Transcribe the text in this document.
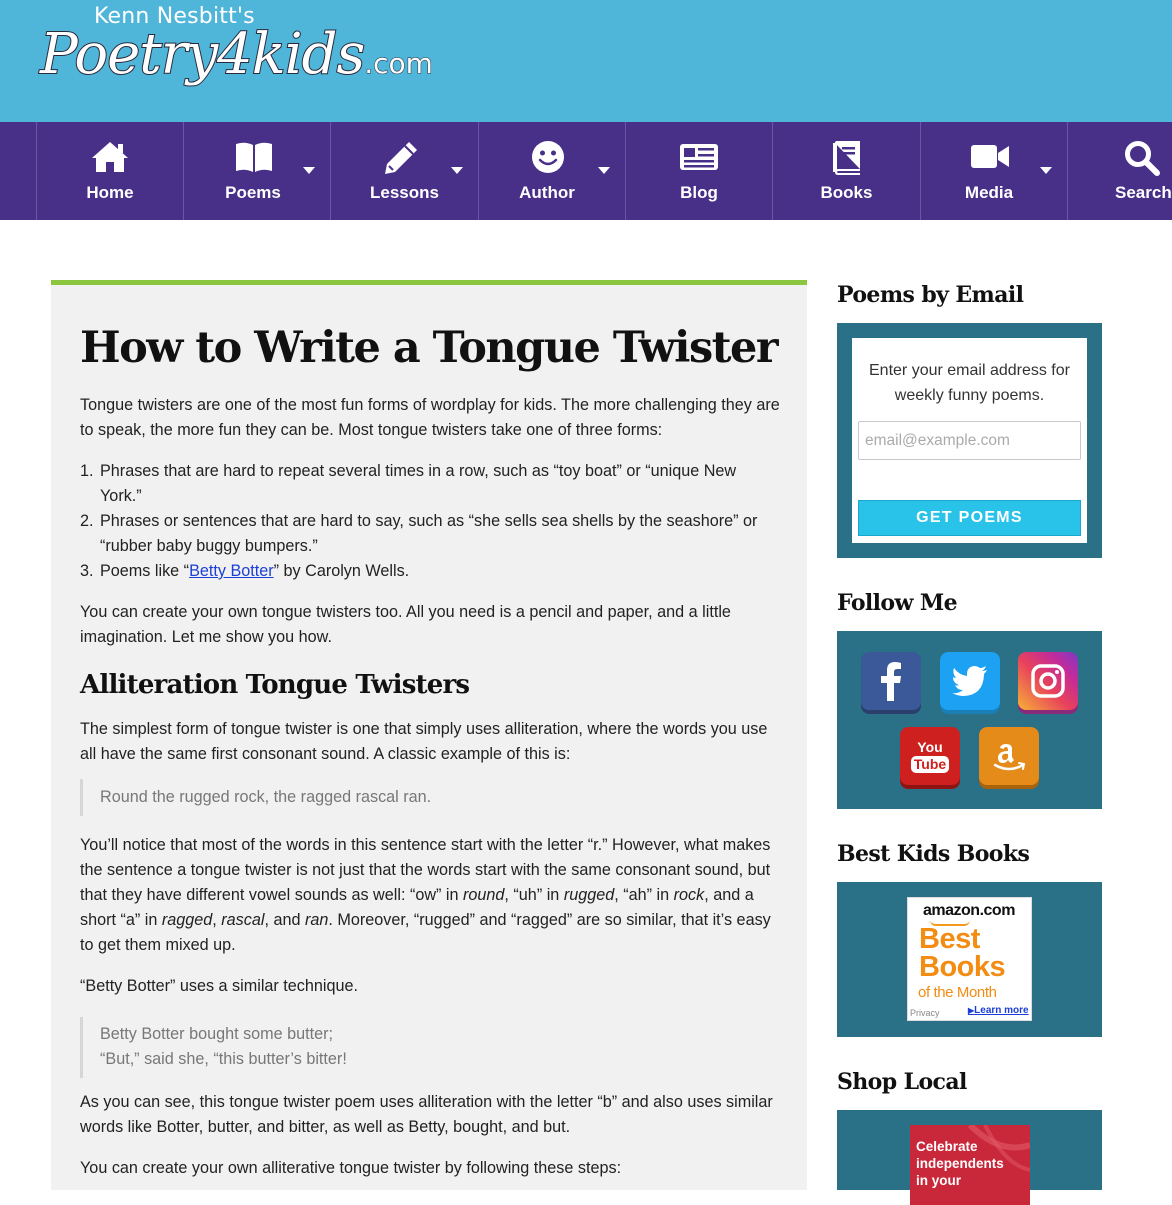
Kenn Nesbitt's
Poetry4kids.com
Home	Poems	Lessons	Author	Blog	Books	Media	Search
How to Write a Tongue Twister
Tongue twisters are one of the most fun forms of wordplay for kids. The more challenging they are to speak, the more fun they can be. Most tongue twisters take one of three forms:
1. Phrases that are hard to repeat several times in a row, such as “toy boat” or “unique New York.”
2. Phrases or sentences that are hard to say, such as “she sells sea shells by the seashore” or “rubber baby buggy bumpers.”
3. Poems like “Betty Botter” by Carolyn Wells.
You can create your own tongue twisters too. All you need is a pencil and paper, and a little imagination. Let me show you how.
Alliteration Tongue Twisters
The simplest form of tongue twister is one that simply uses alliteration, where the words you use all have the same first consonant sound. A classic example of this is:
Round the rugged rock, the ragged rascal ran.
You’ll notice that most of the words in this sentence start with the letter “r.” However, what makes the sentence a tongue twister is not just that the words start with the same consonant sound, but that they have different vowel sounds as well: “ow” in round, “uh” in rugged, “ah” in rock, and a short “a” in ragged, rascal, and ran. Moreover, “rugged” and “ragged” are so similar, that it’s easy to get them mixed up.
“Betty Botter” uses a similar technique.
Betty Botter bought some butter;
“But,” said she, “this butter’s bitter!
As you can see, this tongue twister poem uses alliteration with the letter “b” and also uses similar words like Botter, butter, and bitter, as well as Betty, bought, and but.
You can create your own alliterative tongue twister by following these steps:
Poems by Email
Enter your email address for weekly funny poems.
email@example.com
GET POEMS
Follow Me
You
Tube
Best Kids Books
amazon.com
Best
Books
of the Month
Privacy	▶Learn more
Shop Local
Celebrate
independents
in your
